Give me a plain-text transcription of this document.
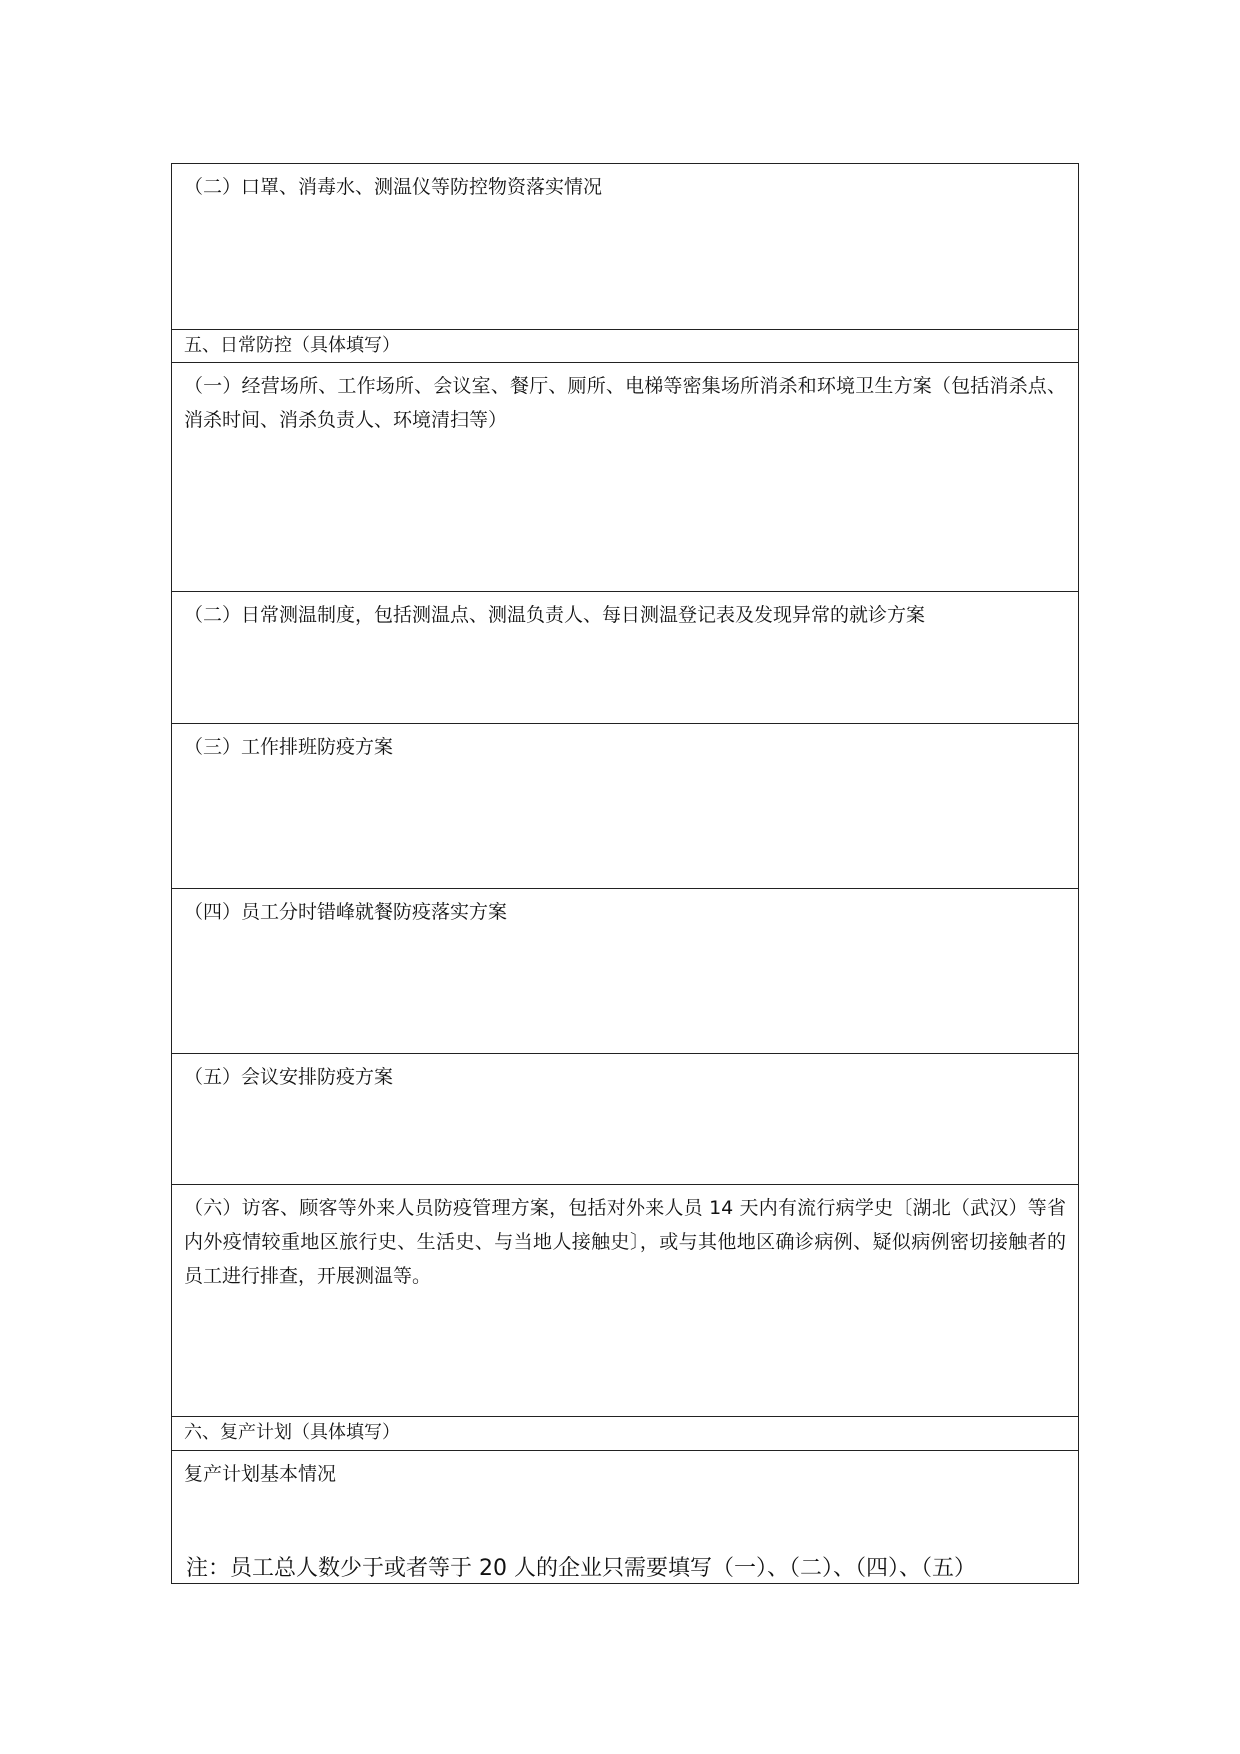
（二）口罩、消毒水、测温仪等防控物资落实情况

五、日常防控（具体填写）

（一）经营场所、工作场所、会议室、餐厅、厕所、电梯等密集场所消杀和环境卫生方案（包括消杀点、消杀时间、消杀负责人、环境清扫等）

（二）日常测温制度，包括测温点、测温负责人、每日测温登记表及发现异常的就诊方案

（三）工作排班防疫方案

（四）员工分时错峰就餐防疫落实方案

（五）会议安排防疫方案

（六）访客、顾客等外来人员防疫管理方案，包括对外来人员 14 天内有流行病学史〔湖北（武汉）等省内外疫情较重地区旅行史、生活史、与当地人接触史〕，或与其他地区确诊病例、疑似病例密切接触者的员工进行排查，开展测温等。

六、复产计划（具体填写）

复产计划基本情况

注：员工总人数少于或者等于 20 人的企业只需要填写（一）、（二）、（四）、（五）
